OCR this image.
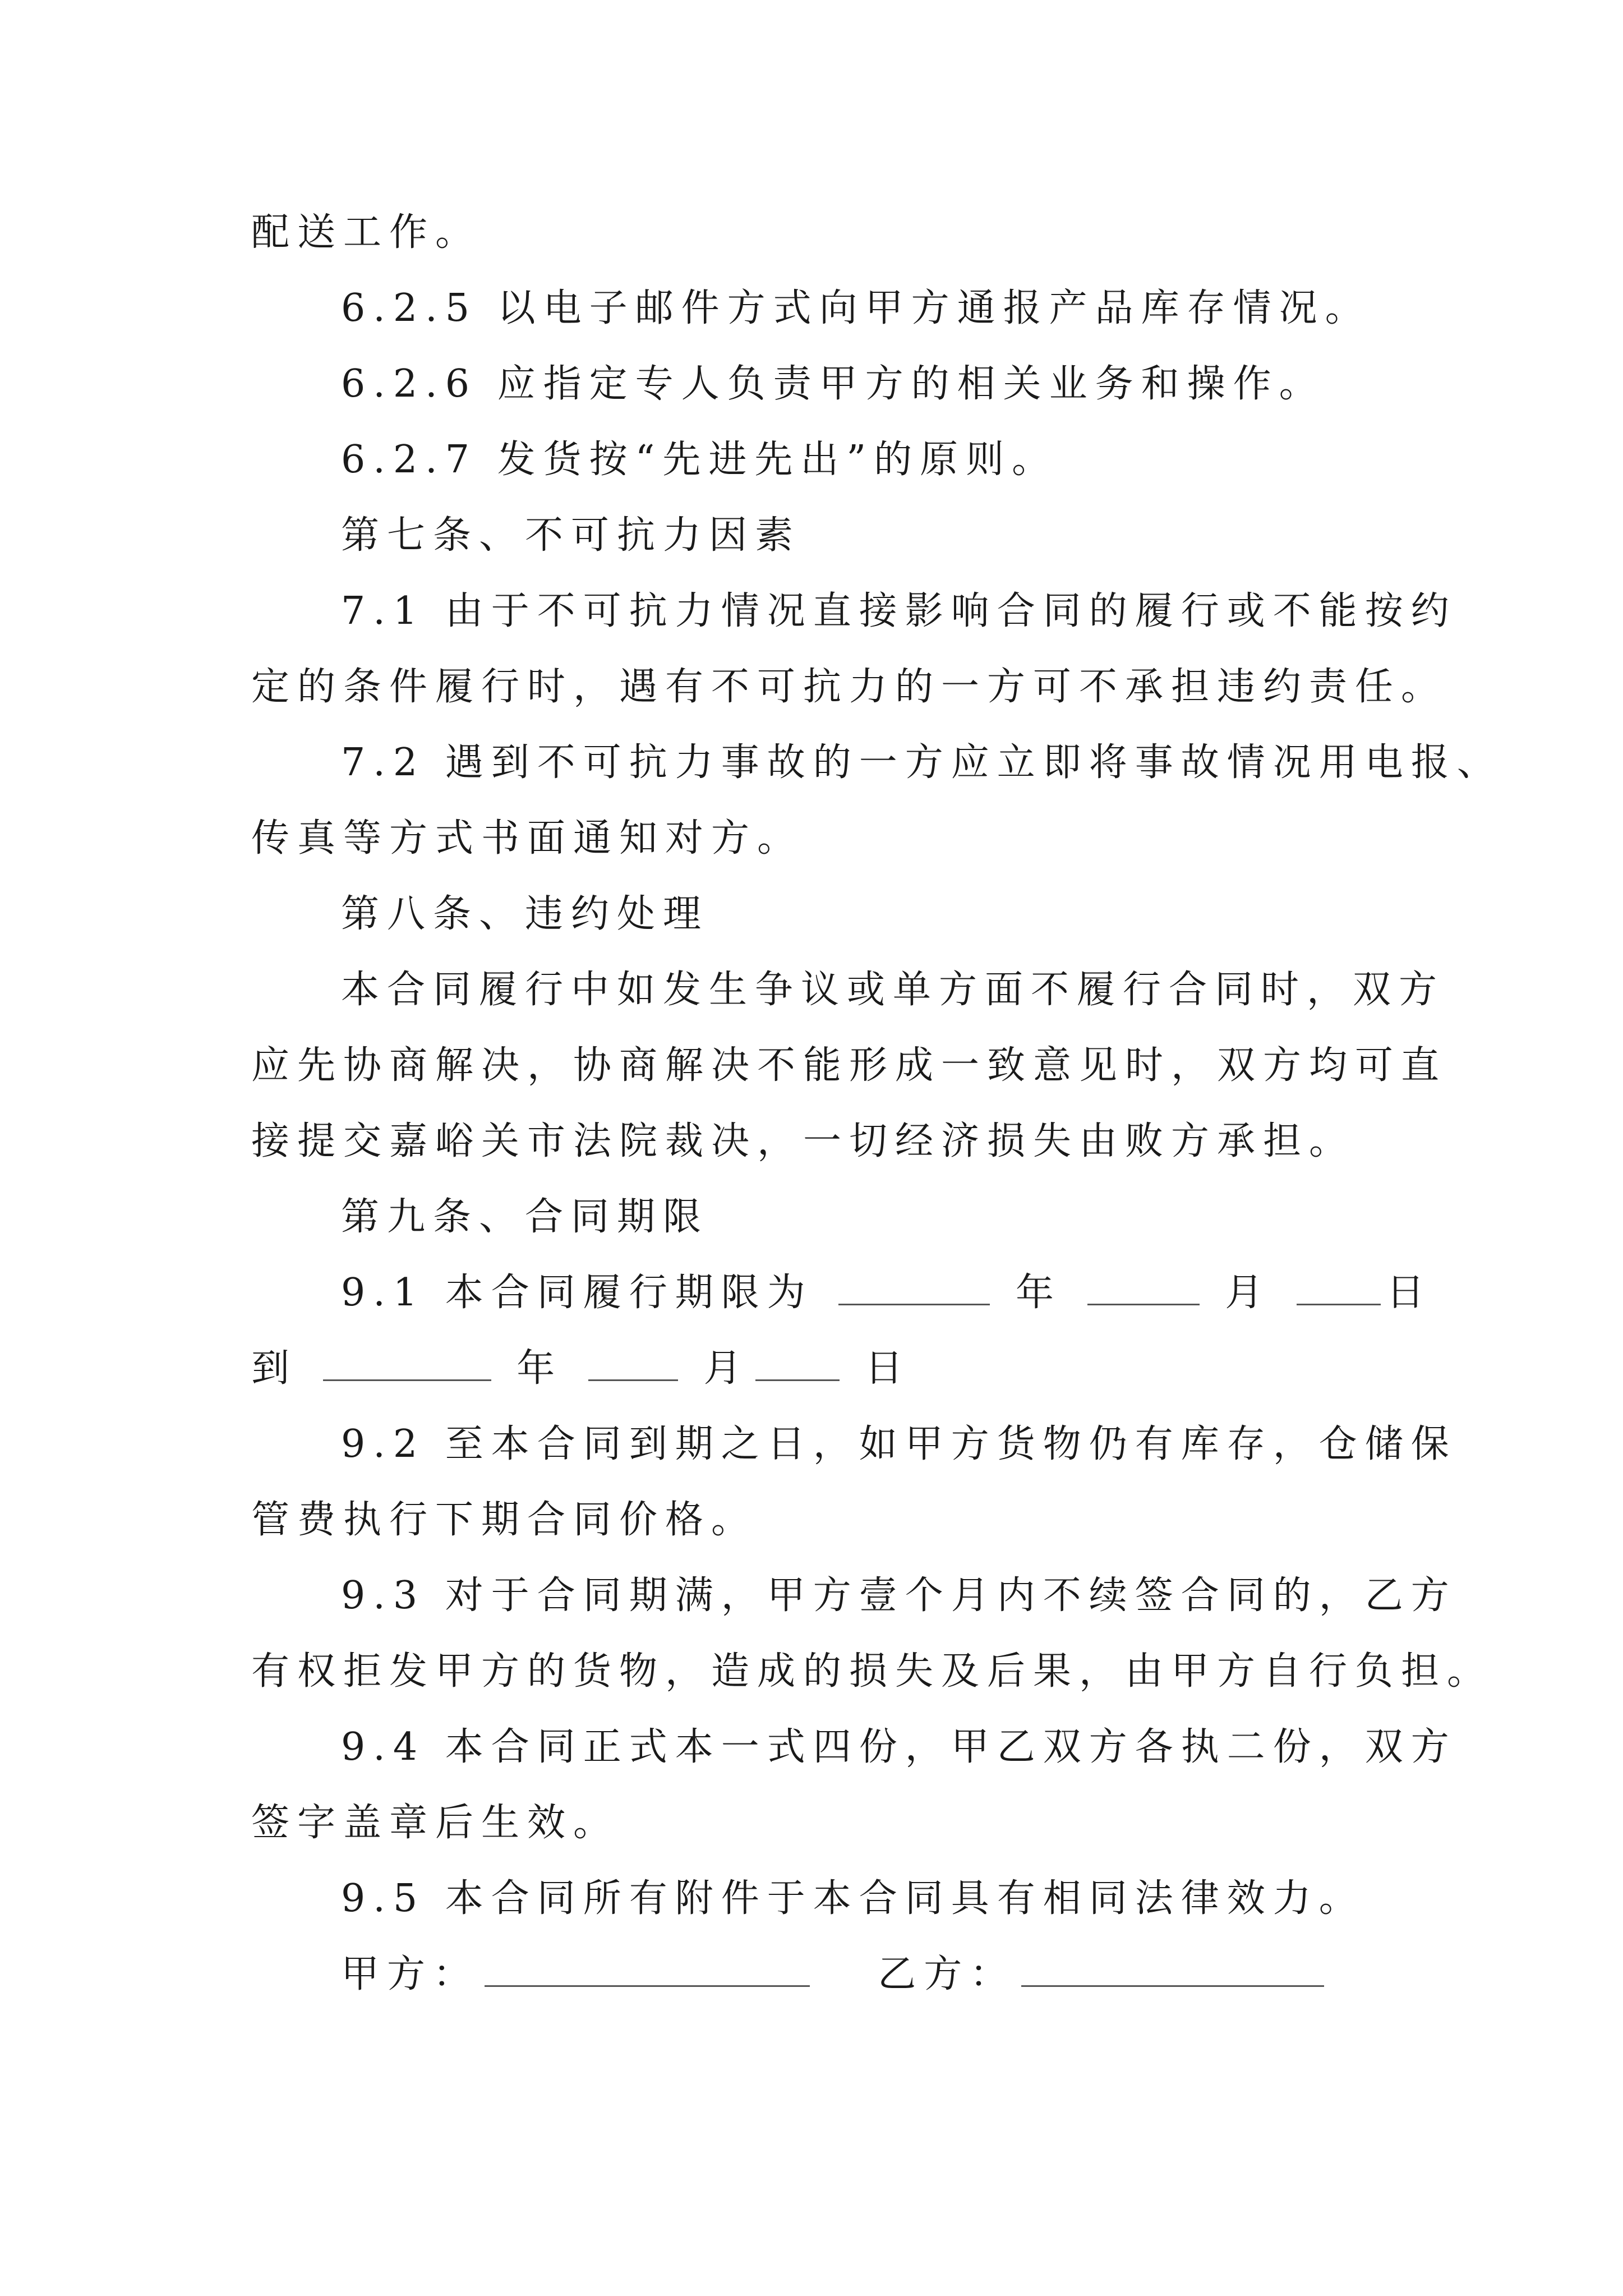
配送工作。
6.2.5 以电子邮件方式向甲方通报产品库存情况。
6.2.6 应指定专人负责甲方的相关业务和操作。
6.2.7 发货按“先进先出”的原则。
第七条、不可抗力因素
7.1 由于不可抗力情况直接影响合同的履行或不能按约
定的条件履行时，遇有不可抗力的一方可不承担违约责任。
7.2 遇到不可抗力事故的一方应立即将事故情况用电报、
传真等方式书面通知对方。
第八条、违约处理
本合同履行中如发生争议或单方面不履行合同时，双方
应先协商解决，协商解决不能形成一致意见时，双方均可直
接提交嘉峪关市法院裁决，一切经济损失由败方承担。
第九条、合同期限
9.1 本合同履行期限为	年	月	日
到	年	月	日
9.2 至本合同到期之日，如甲方货物仍有库存，仓储保
管费执行下期合同价格。
9.3 对于合同期满，甲方壹个月内不续签合同的，乙方
有权拒发甲方的货物，造成的损失及后果，由甲方自行负担。
9.4 本合同正式本一式四份，甲乙双方各执二份，双方
签字盖章后生效。
9.5 本合同所有附件于本合同具有相同法律效力。
甲方：	乙方：
